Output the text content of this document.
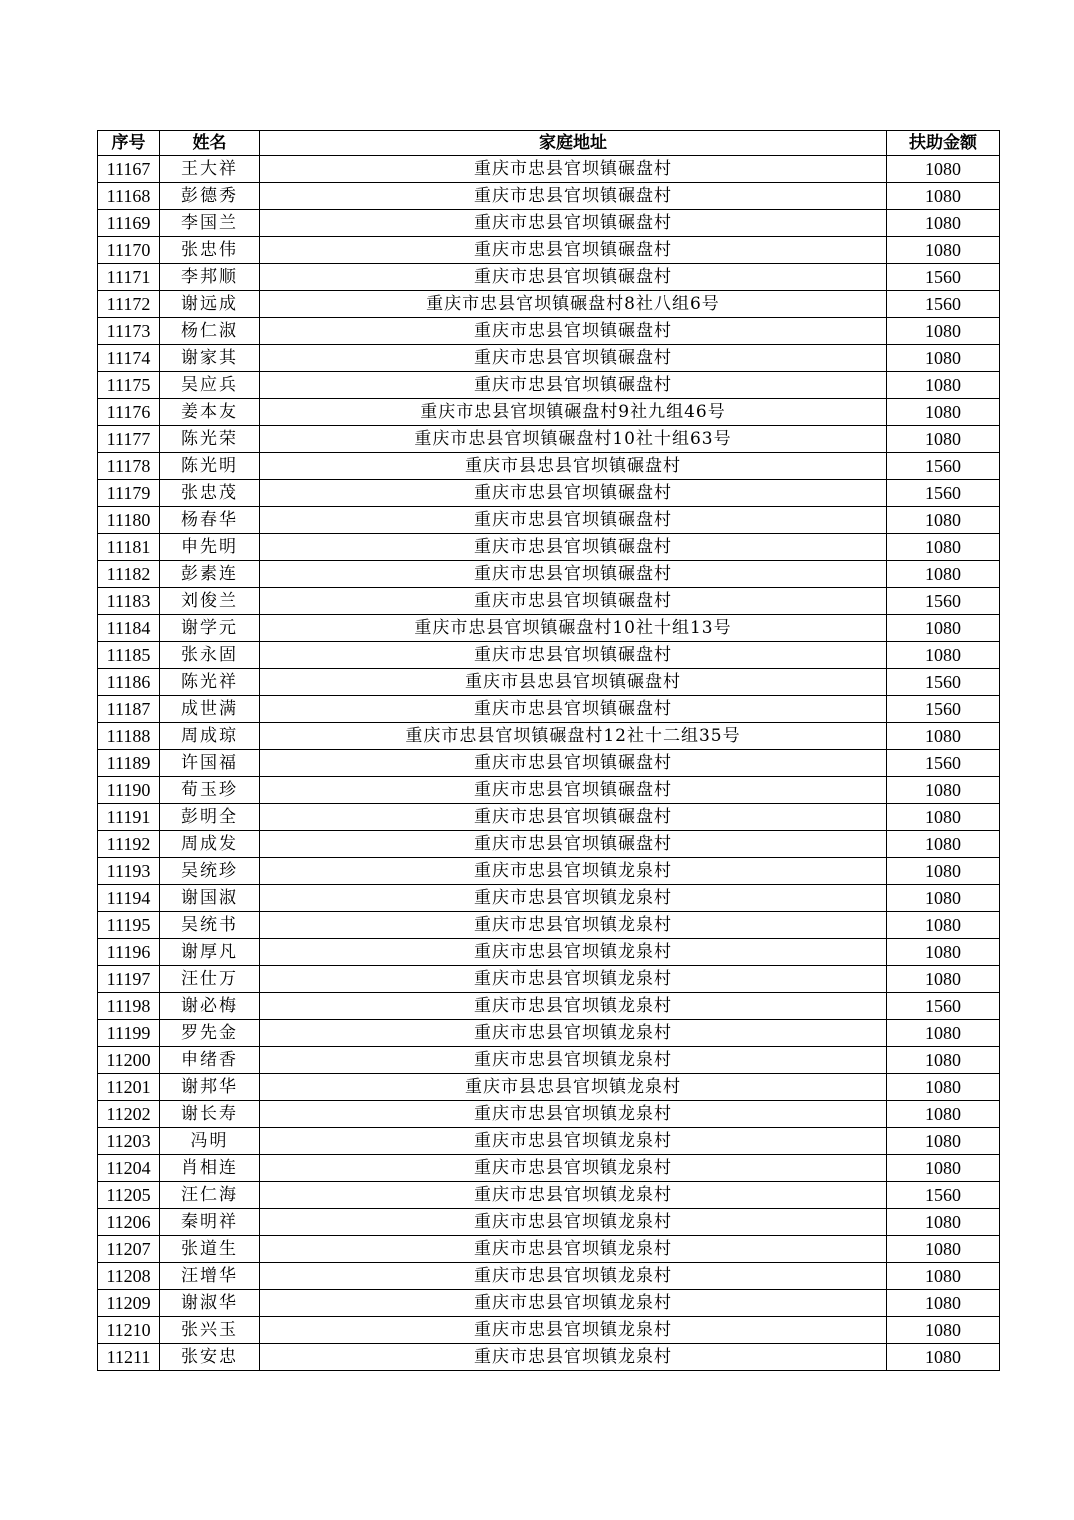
序号	姓名	家庭地址	扶助金额
11167	王大祥	重庆市忠县官坝镇碾盘村	1080
11168	彭德秀	重庆市忠县官坝镇碾盘村	1080
11169	李国兰	重庆市忠县官坝镇碾盘村	1080
11170	张忠伟	重庆市忠县官坝镇碾盘村	1080
11171	李邦顺	重庆市忠县官坝镇碾盘村	1560
11172	谢远成	重庆市忠县官坝镇碾盘村8社八组6号	1560
11173	杨仁淑	重庆市忠县官坝镇碾盘村	1080
11174	谢家其	重庆市忠县官坝镇碾盘村	1080
11175	吴应兵	重庆市忠县官坝镇碾盘村	1080
11176	姜本友	重庆市忠县官坝镇碾盘村9社九组46号	1080
11177	陈光荣	重庆市忠县官坝镇碾盘村10社十组63号	1080
11178	陈光明	重庆市县忠县官坝镇碾盘村	1560
11179	张忠茂	重庆市忠县官坝镇碾盘村	1560
11180	杨春华	重庆市忠县官坝镇碾盘村	1080
11181	申先明	重庆市忠县官坝镇碾盘村	1080
11182	彭素连	重庆市忠县官坝镇碾盘村	1080
11183	刘俊兰	重庆市忠县官坝镇碾盘村	1560
11184	谢学元	重庆市忠县官坝镇碾盘村10社十组13号	1080
11185	张永固	重庆市忠县官坝镇碾盘村	1080
11186	陈光祥	重庆市县忠县官坝镇碾盘村	1560
11187	成世满	重庆市忠县官坝镇碾盘村	1560
11188	周成琼	重庆市忠县官坝镇碾盘村12社十二组35号	1080
11189	许国福	重庆市忠县官坝镇碾盘村	1560
11190	荀玉珍	重庆市忠县官坝镇碾盘村	1080
11191	彭明全	重庆市忠县官坝镇碾盘村	1080
11192	周成发	重庆市忠县官坝镇碾盘村	1080
11193	吴统珍	重庆市忠县官坝镇龙泉村	1080
11194	谢国淑	重庆市忠县官坝镇龙泉村	1080
11195	吴统书	重庆市忠县官坝镇龙泉村	1080
11196	谢厚凡	重庆市忠县官坝镇龙泉村	1080
11197	汪仕万	重庆市忠县官坝镇龙泉村	1080
11198	谢必梅	重庆市忠县官坝镇龙泉村	1560
11199	罗先金	重庆市忠县官坝镇龙泉村	1080
11200	申绪香	重庆市忠县官坝镇龙泉村	1080
11201	谢邦华	重庆市县忠县官坝镇龙泉村	1080
11202	谢长寿	重庆市忠县官坝镇龙泉村	1080
11203	冯明	重庆市忠县官坝镇龙泉村	1080
11204	肖相连	重庆市忠县官坝镇龙泉村	1080
11205	汪仁海	重庆市忠县官坝镇龙泉村	1560
11206	秦明祥	重庆市忠县官坝镇龙泉村	1080
11207	张道生	重庆市忠县官坝镇龙泉村	1080
11208	汪增华	重庆市忠县官坝镇龙泉村	1080
11209	谢淑华	重庆市忠县官坝镇龙泉村	1080
11210	张兴玉	重庆市忠县官坝镇龙泉村	1080
11211	张安忠	重庆市忠县官坝镇龙泉村	1080
